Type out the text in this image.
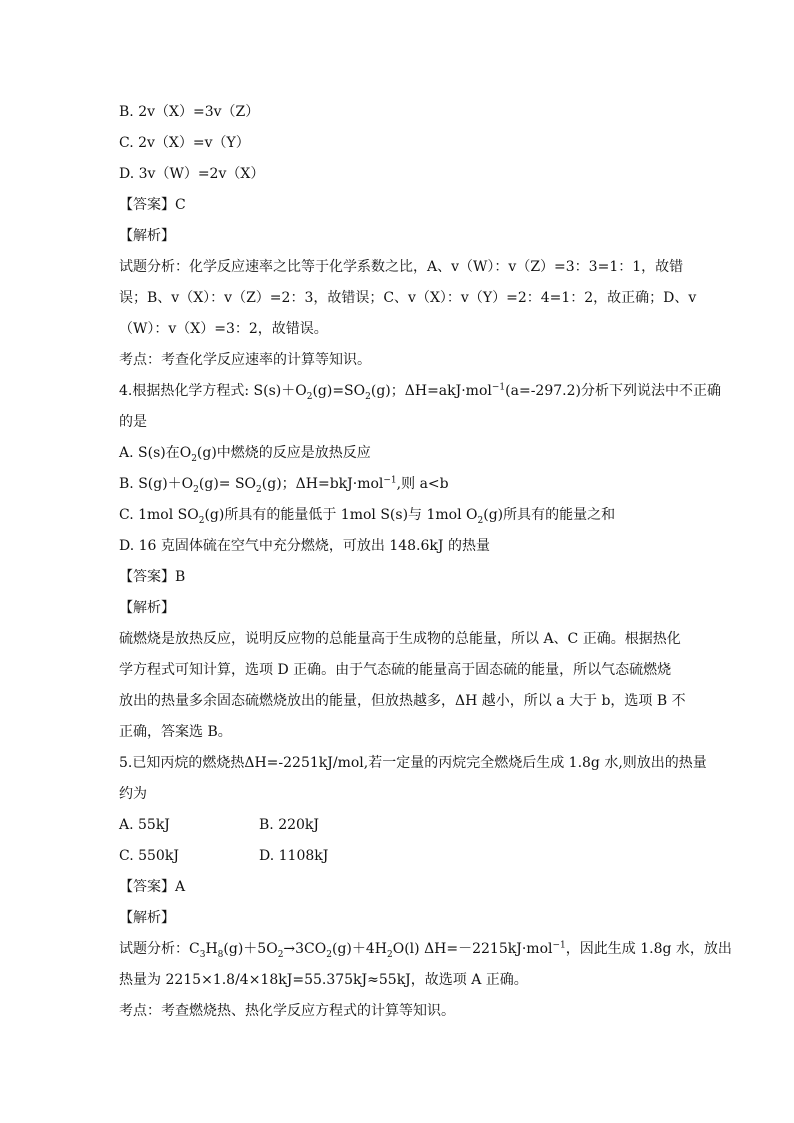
B. 2v（X）=3v（Z）
C. 2v（X）=v（Y）
D. 3v（W）=2v（X）
【答案】C
【解析】
试题分析：化学反应速率之比等于化学系数之比，A、v（W）：v（Z）=3：3=1：1，故错
误；B、v（X）：v（Z）=2：3，故错误；C、v（X）：v（Y）=2：4=1：2，故正确；D、v
（W）：v（X）=3：2，故错误。
考点：考查化学反应速率的计算等知识。
4.根据热化学方程式: $S(s)+O_2(g)=SO_2(g)$；ΔH=akJ·mol$^{-1}$(a=-297.2)分析下列说法中不正确
的是
A. S(s)在$O_2(g)$中燃烧的反应是放热反应
B. $S(g)+O_2(g)= SO_2(g)$；ΔH=bkJ·mol$^{-1}$,则 a<b
C. 1mol $SO_2(g)$所具有的能量低于 1mol S(s)与 1mol $O_2(g)$所具有的能量之和
D. 16 克固体硫在空气中充分燃烧，可放出 148.6kJ 的热量
【答案】B
【解析】
硫燃烧是放热反应，说明反应物的总能量高于生成物的总能量，所以 A、C 正确。根据热化
学方程式可知计算，选项 D 正确。由于气态硫的能量高于固态硫的能量，所以气态硫燃烧
放出的热量多余固态硫燃烧放出的能量，但放热越多，ΔH 越小，所以 a 大于 b，选项 B 不
正确，答案选 B。
5.已知丙烷的燃烧热ΔH=-2251kJ/mol,若一定量的丙烷完全燃烧后生成 1.8g 水,则放出的热量
约为
A. 55kJ	B. 220kJ
C. 550kJ	D. 1108kJ
【答案】A
【解析】
试题分析：$C_3H_8(g)+5O_2\to 3CO_2(g)+4H_2O(l)$ ΔH=－2215kJ·mol$^{-1}$，因此生成 1.8g 水，放出
热量为 2215×1.8/4×18kJ=55.375kJ≈55kJ，故选项 A 正确。
考点：考查燃烧热、热化学反应方程式的计算等知识。
